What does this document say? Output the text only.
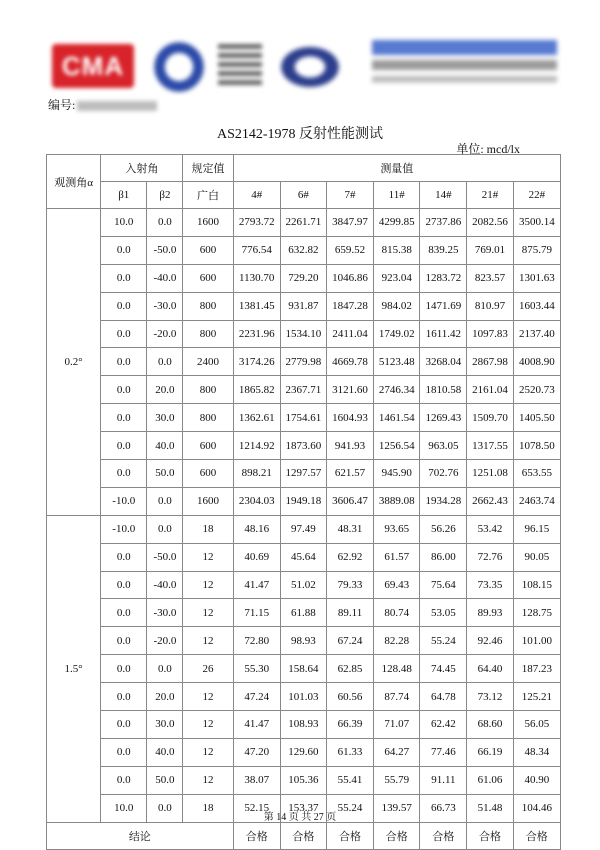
CMA
编号:
AS2142-1978 反射性能测试
单位: mcd/lx
观测角α	入射角		规定值	测量值						
	β1	β2	广白	4#	6#	7#	11#	14#	21#	22#
0.2°	10.0	0.0	1600	2793.72	2261.71	3847.97	4299.85	2737.86	2082.56	3500.14
	0.0	-50.0	600	776.54	632.82	659.52	815.38	839.25	769.01	875.79
	0.0	-40.0	600	1130.70	729.20	1046.86	923.04	1283.72	823.57	1301.63
	0.0	-30.0	800	1381.45	931.87	1847.28	984.02	1471.69	810.97	1603.44
	0.0	-20.0	800	2231.96	1534.10	2411.04	1749.02	1611.42	1097.83	2137.40
	0.0	0.0	2400	3174.26	2779.98	4669.78	5123.48	3268.04	2867.98	4008.90
	0.0	20.0	800	1865.82	2367.71	3121.60	2746.34	1810.58	2161.04	2520.73
	0.0	30.0	800	1362.61	1754.61	1604.93	1461.54	1269.43	1509.70	1405.50
	0.0	40.0	600	1214.92	1873.60	941.93	1256.54	963.05	1317.55	1078.50
	0.0	50.0	600	898.21	1297.57	621.57	945.90	702.76	1251.08	653.55
	-10.0	0.0	1600	2304.03	1949.18	3606.47	3889.08	1934.28	2662.43	2463.74
1.5°	-10.0	0.0	18	48.16	97.49	48.31	93.65	56.26	53.42	96.15
	0.0	-50.0	12	40.69	45.64	62.92	61.57	86.00	72.76	90.05
	0.0	-40.0	12	41.47	51.02	79.33	69.43	75.64	73.35	108.15
	0.0	-30.0	12	71.15	61.88	89.11	80.74	53.05	89.93	128.75
	0.0	-20.0	12	72.80	98.93	67.24	82.28	55.24	92.46	101.00
	0.0	0.0	26	55.30	158.64	62.85	128.48	74.45	64.40	187.23
	0.0	20.0	12	47.24	101.03	60.56	87.74	64.78	73.12	125.21
	0.0	30.0	12	41.47	108.93	66.39	71.07	62.42	68.60	56.05
	0.0	40.0	12	47.20	129.60	61.33	64.27	77.46	66.19	48.34
	0.0	50.0	12	38.07	105.36	55.41	55.79	91.11	61.06	40.90
	10.0	0.0	18	52.15	153.37	55.24	139.57	66.73	51.48	104.46
结论				合格	合格	合格	合格	合格	合格	合格
第 14 页 共 27 页
